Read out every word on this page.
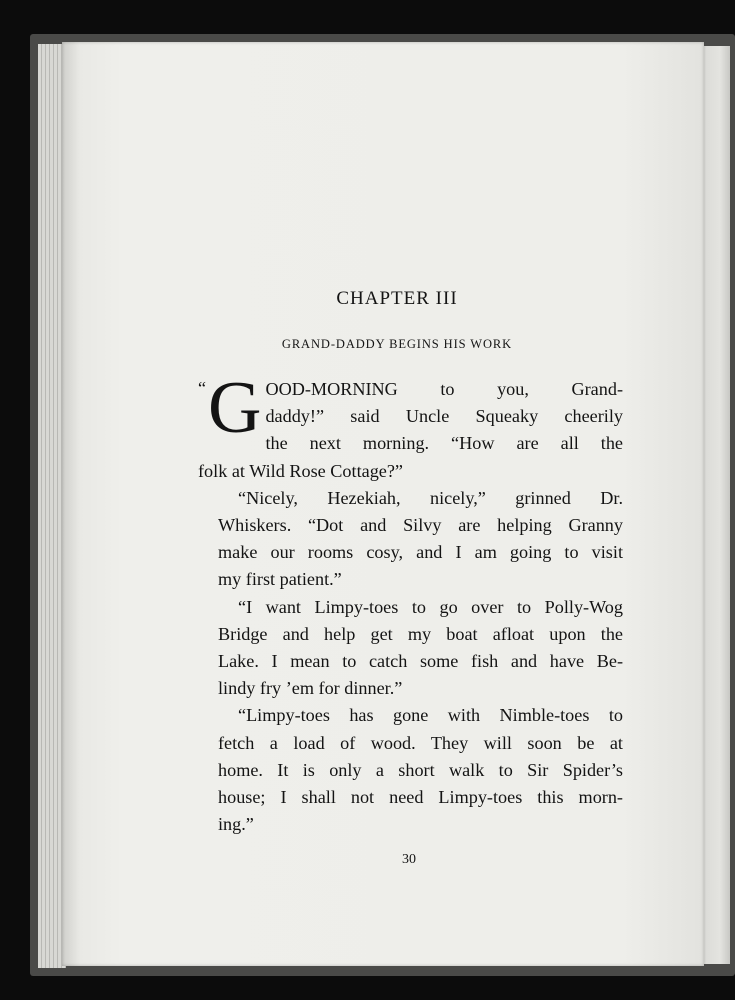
CHAPTER III
GRAND-DADDY BEGINS HIS WORK
“ G OOD-MORNING to you, Grand-
daddy!” said Uncle Squeaky cheerily
the next morning. “How are all the
folk at Wild Rose Cottage?”
“Nicely, Hezekiah, nicely,” grinned Dr.
Whiskers. “Dot and Silvy are helping Granny
make our rooms cosy, and I am going to visit
my first patient.”
“I want Limpy-toes to go over to Polly-Wog
Bridge and help get my boat afloat upon the
Lake. I mean to catch some fish and have Be-
lindy fry ’em for dinner.”
“Limpy-toes has gone with Nimble-toes to
fetch a load of wood. They will soon be at
home. It is only a short walk to Sir Spider’s
house; I shall not need Limpy-toes this morn-
ing.”
30
